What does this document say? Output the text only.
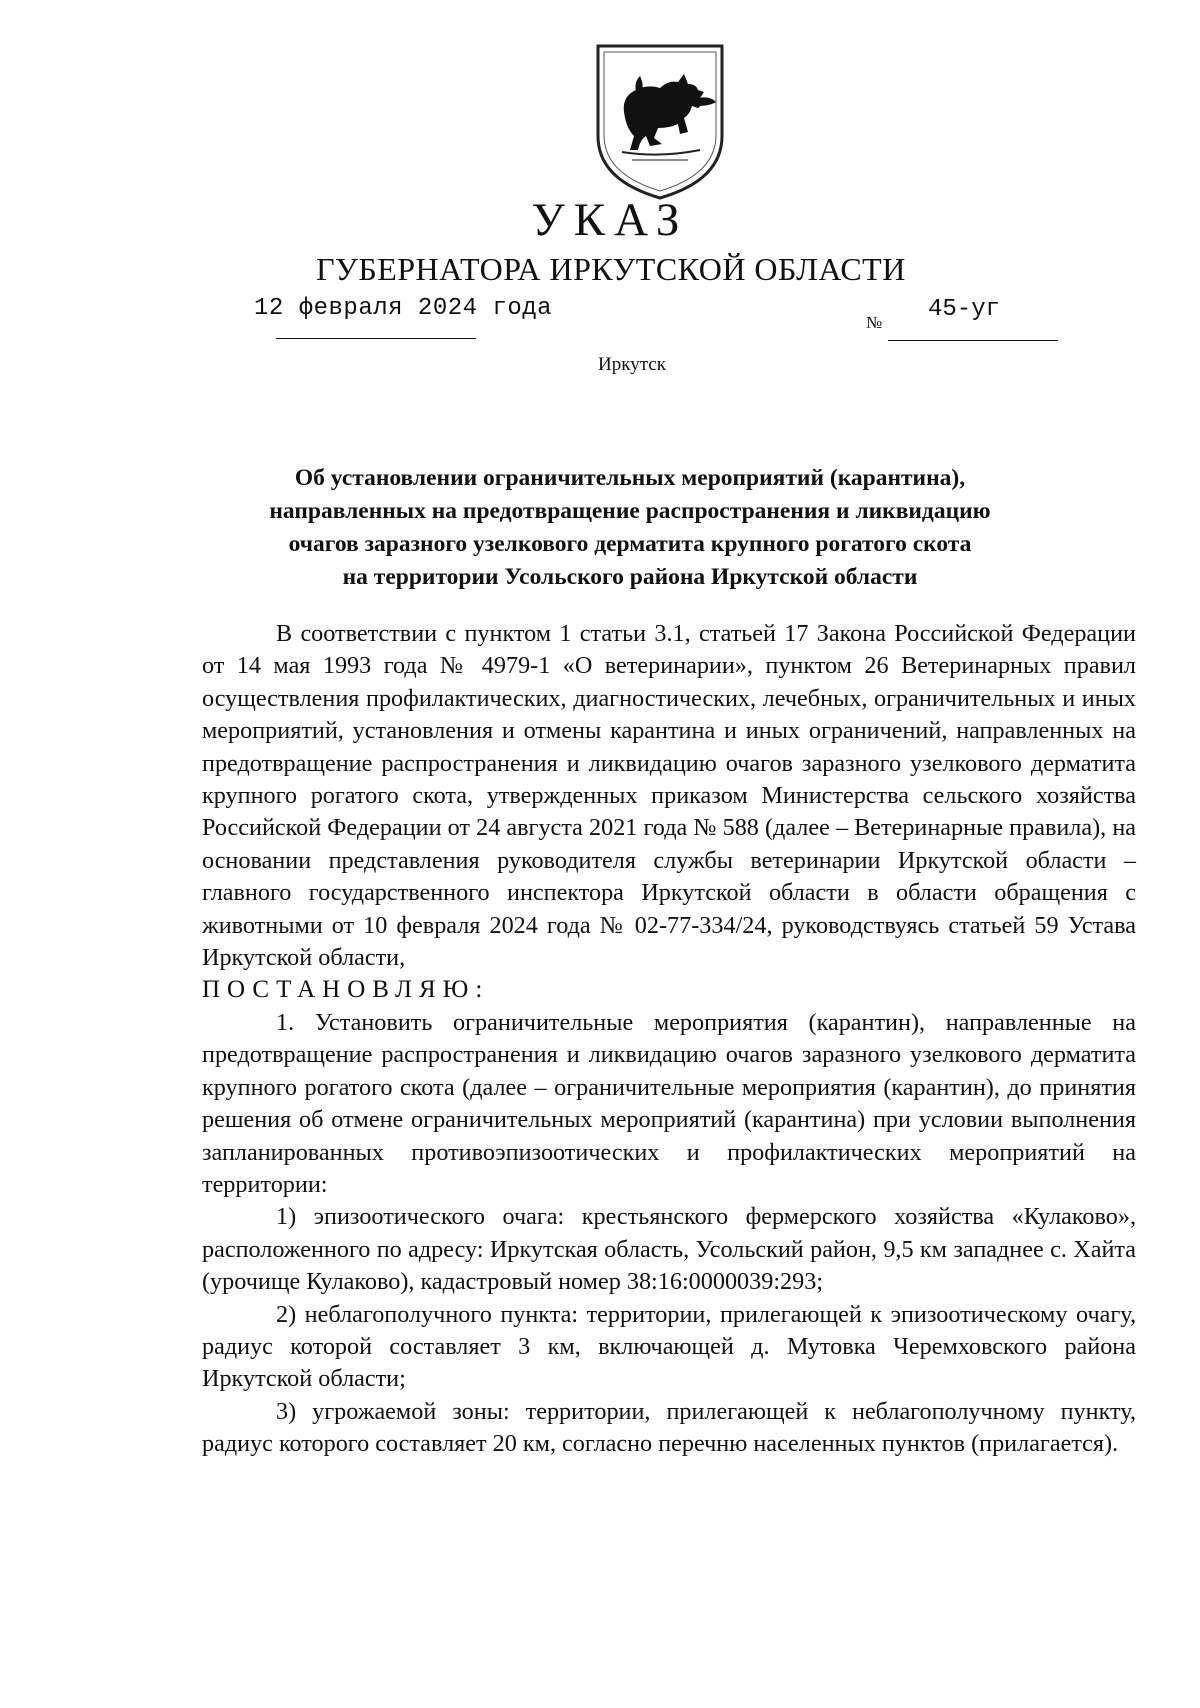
УКАЗ
ГУБЕРНАТОРА ИРКУТСКОЙ ОБЛАСТИ
12 февраля 2024 года
№ 45-уг
Иркутск
Об установлении ограничительных мероприятий (карантина),
направленных на предотвращение распространения и ликвидацию
очагов заразного узелкового дерматита крупного рогатого скота
на территории Усольского района Иркутской области

В соответствии с пунктом 1 статьи 3.1, статьей 17 Закона Российской Федерации от 14 мая 1993 года № 4979-1 «О ветеринарии», пунктом 26 Ветеринарных правил осуществления профилактических, диагностических, лечебных, ограничительных и иных мероприятий, установления и отмены карантина и иных ограничений, направленных на предотвращение распространения и ликвидацию очагов заразного узелкового дерматита крупного рогатого скота, утвержденных приказом Министерства сельского хозяйства Российской Федерации от 24 августа 2021 года № 588 (далее – Ветеринарные правила), на основании представления руководителя службы ветеринарии Иркутской области – главного государственного инспектора Иркутской области в области обращения с животными от 10 февраля 2024 года № 02-77-334/24, руководствуясь статьей 59 Устава Иркутской области,

ПОСТАНОВЛЯЮ:

1. Установить ограничительные мероприятия (карантин), направленные на предотвращение распространения и ликвидацию очагов заразного узелкового дерматита крупного рогатого скота (далее – ограничительные мероприятия (карантин), до принятия решения об отмене ограничительных мероприятий (карантина) при условии выполнения запланированных противоэпизоотических и профилактических мероприятий на территории:

1) эпизоотического очага: крестьянского фермерского хозяйства «Кулаково», расположенного по адресу: Иркутская область, Усольский район, 9,5 км западнее с. Хайта (урочище Кулаково), кадастровый номер 38:16:0000039:293;

2) неблагополучного пункта: территории, прилегающей к эпизоотическому очагу, радиус которой составляет 3 км, включающей д. Мутовка Черемховского района Иркутской области;

3) угрожаемой зоны: территории, прилегающей к неблагополучному пункту, радиус которого составляет 20 км, согласно перечню населенных пунктов (прилагается).
